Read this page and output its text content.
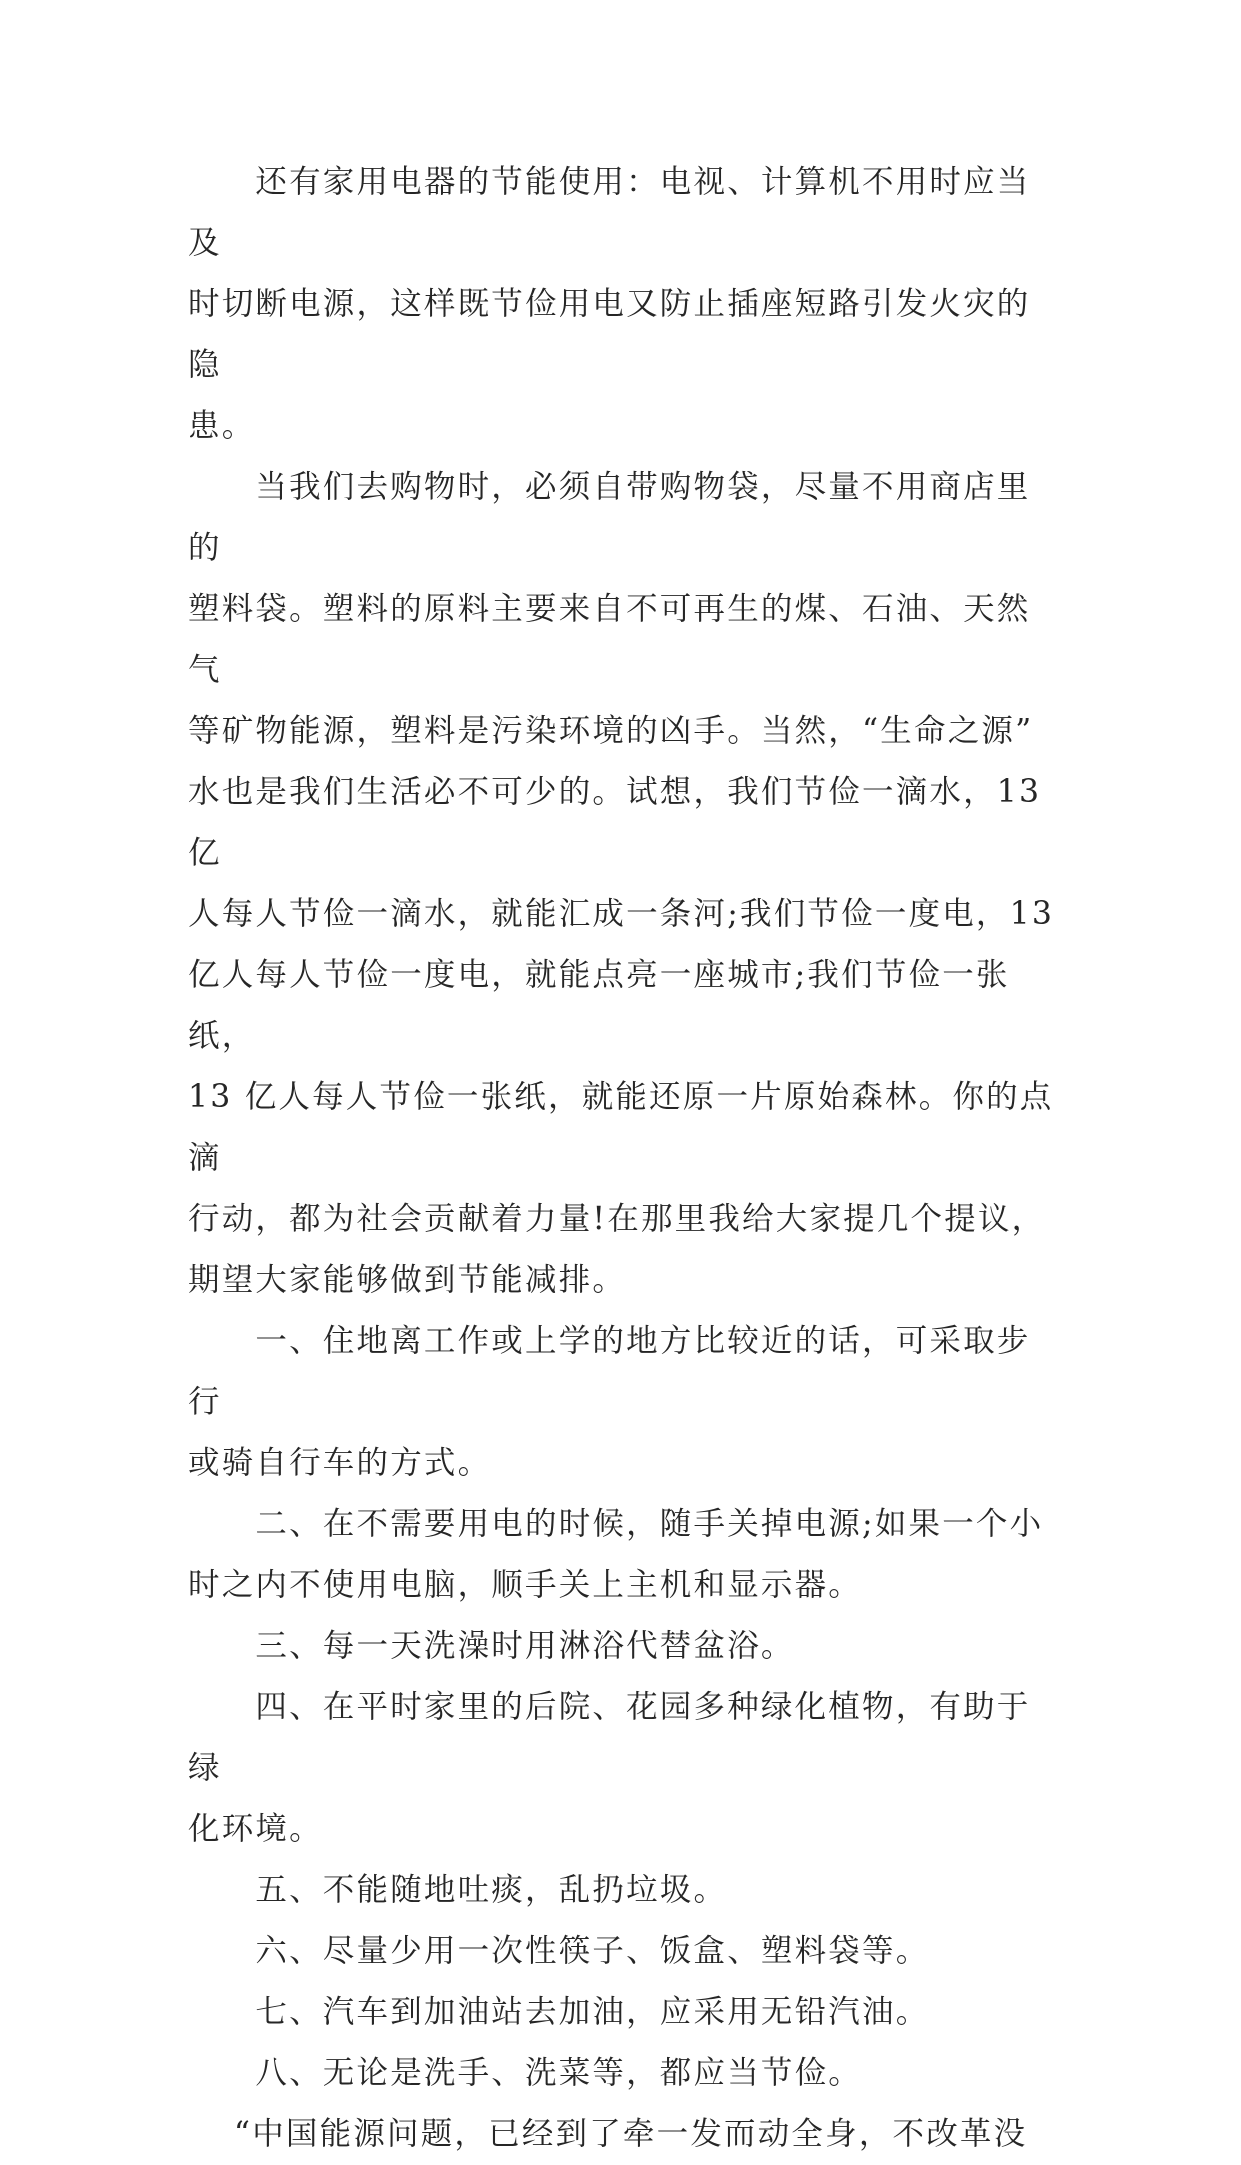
　　还有家用电器的节能使用：电视、计算机不用时应当及
时切断电源，这样既节俭用电又防止插座短路引发火灾的隐
患。

　　当我们去购物时，必须自带购物袋，尽量不用商店里的
塑料袋。塑料的原料主要来自不可再生的煤、石油、天然气
等矿物能源，塑料是污染环境的凶手。当然，“生命之源”
水也是我们生活必不可少的。试想，我们节俭一滴水，13 亿
人每人节俭一滴水，就能汇成一条河;我们节俭一度电，13
亿人每人节俭一度电，就能点亮一座城市;我们节俭一张纸，
13 亿人每人节俭一张纸，就能还原一片原始森林。你的点滴
行动，都为社会贡献着力量!在那里我给大家提几个提议，
期望大家能够做到节能减排。

　　一、住地离工作或上学的地方比较近的话，可采取步行
或骑自行车的方式。

　　二、在不需要用电的时候，随手关掉电源;如果一个小
时之内不使用电脑，顺手关上主机和显示器。

　　三、每一天洗澡时用淋浴代替盆浴。

　　四、在平时家里的后院、花园多种绿化植物，有助于绿
化环境。

　　五、不能随地吐痰，乱扔垃圾。

　　六、尽量少用一次性筷子、饭盒、塑料袋等。

　　七、汽车到加油站去加油，应采用无铅汽油。

　　八、无论是洗手、洗菜等，都应当节俭。

　 “中国能源问题，已经到了牵一发而动全身，不改革没
